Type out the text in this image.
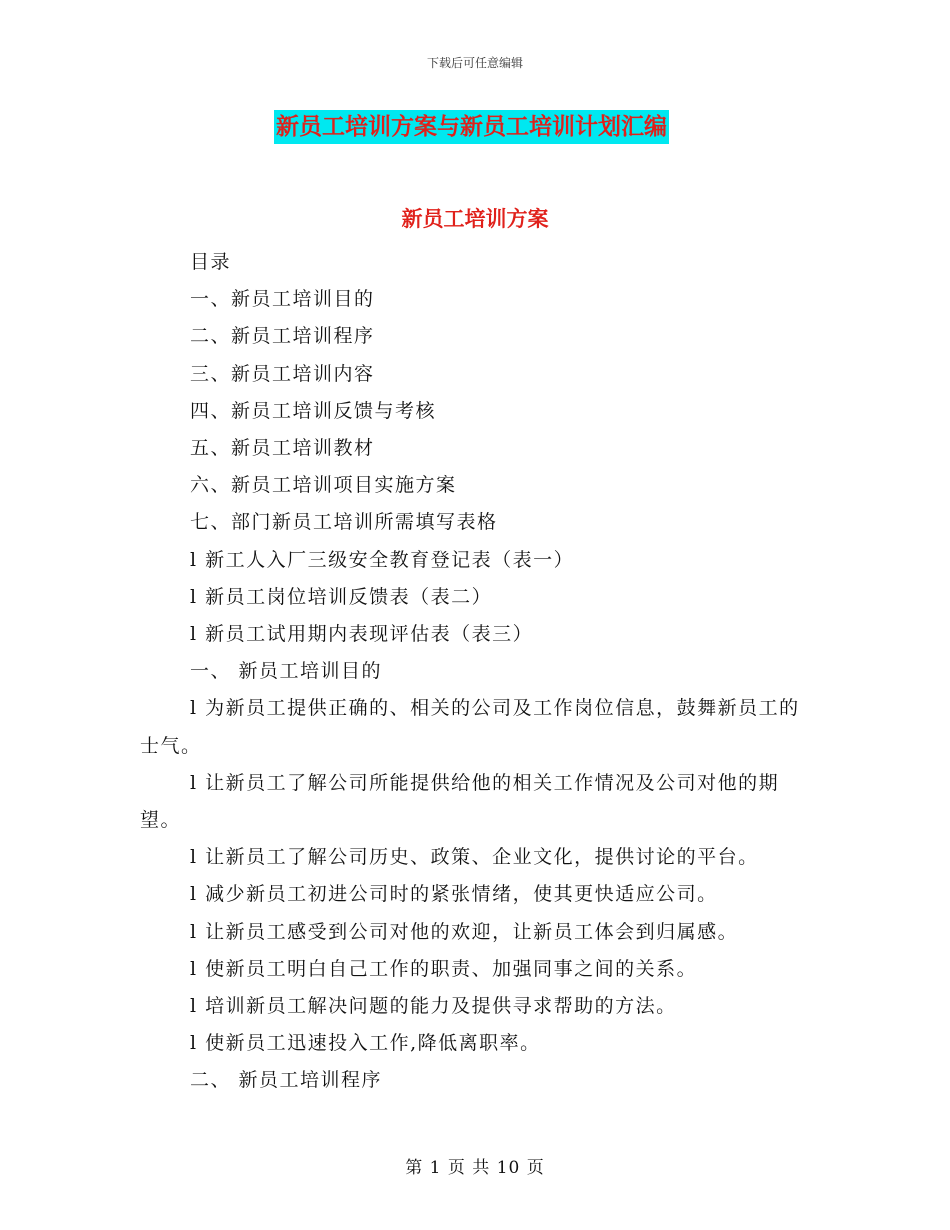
下载后可任意编辑
新员工培训方案与新员工培训计划汇编
新员工培训方案

目录

一、新员工培训目的

二、新员工培训程序

三、新员工培训内容

四、新员工培训反馈与考核

五、新员工培训教材

六、新员工培训项目实施方案

七、部门新员工培训所需填写表格

l 新工人入厂三级安全教育登记表（表一）

l 新员工岗位培训反馈表（表二）

l 新员工试用期内表现评估表（表三）

一、 新员工培训目的

l 为新员工提供正确的、相关的公司及工作岗位信息，鼓舞新员工的士气。

l 让新员工了解公司所能提供给他的相关工作情况及公司对他的期望。

l 让新员工了解公司历史、政策、企业文化，提供讨论的平台。

l 减少新员工初进公司时的紧张情绪，使其更快适应公司。

l 让新员工感受到公司对他的欢迎，让新员工体会到归属感。

l 使新员工明白自己工作的职责、加强同事之间的关系。

l 培训新员工解决问题的能力及提供寻求帮助的方法。

l 使新员工迅速投入工作,降低离职率。

二、 新员工培训程序

第 1 页 共 10 页
